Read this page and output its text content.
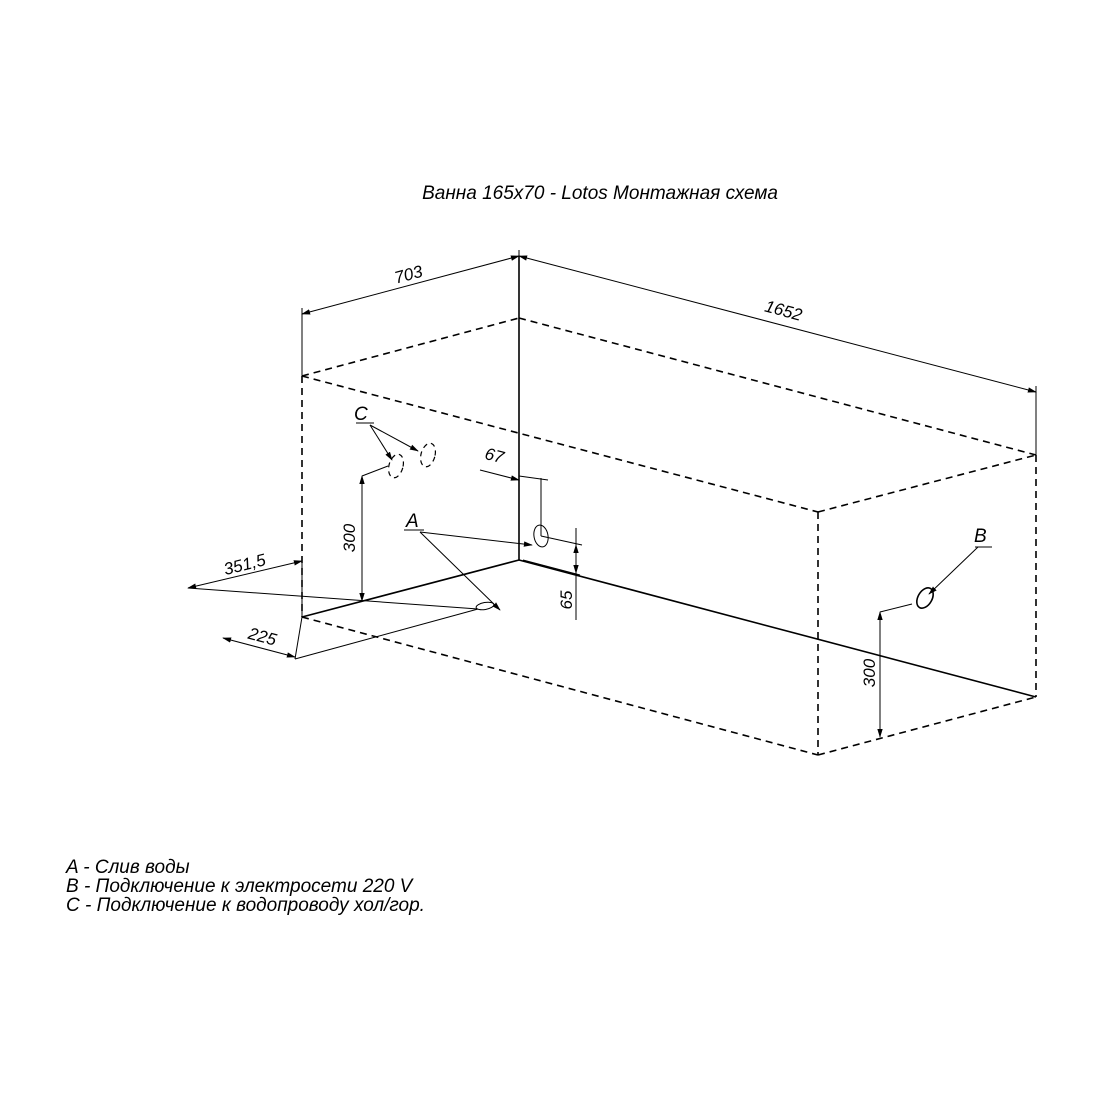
Ванна 165x70 - Lotos Монтажная схема
703
1652
351,5
225
300
67
65
300
C
A
B
A - Слив воды
B - Подключение к электросети 220 V
C - Подключение к водопроводу хол/гор.
